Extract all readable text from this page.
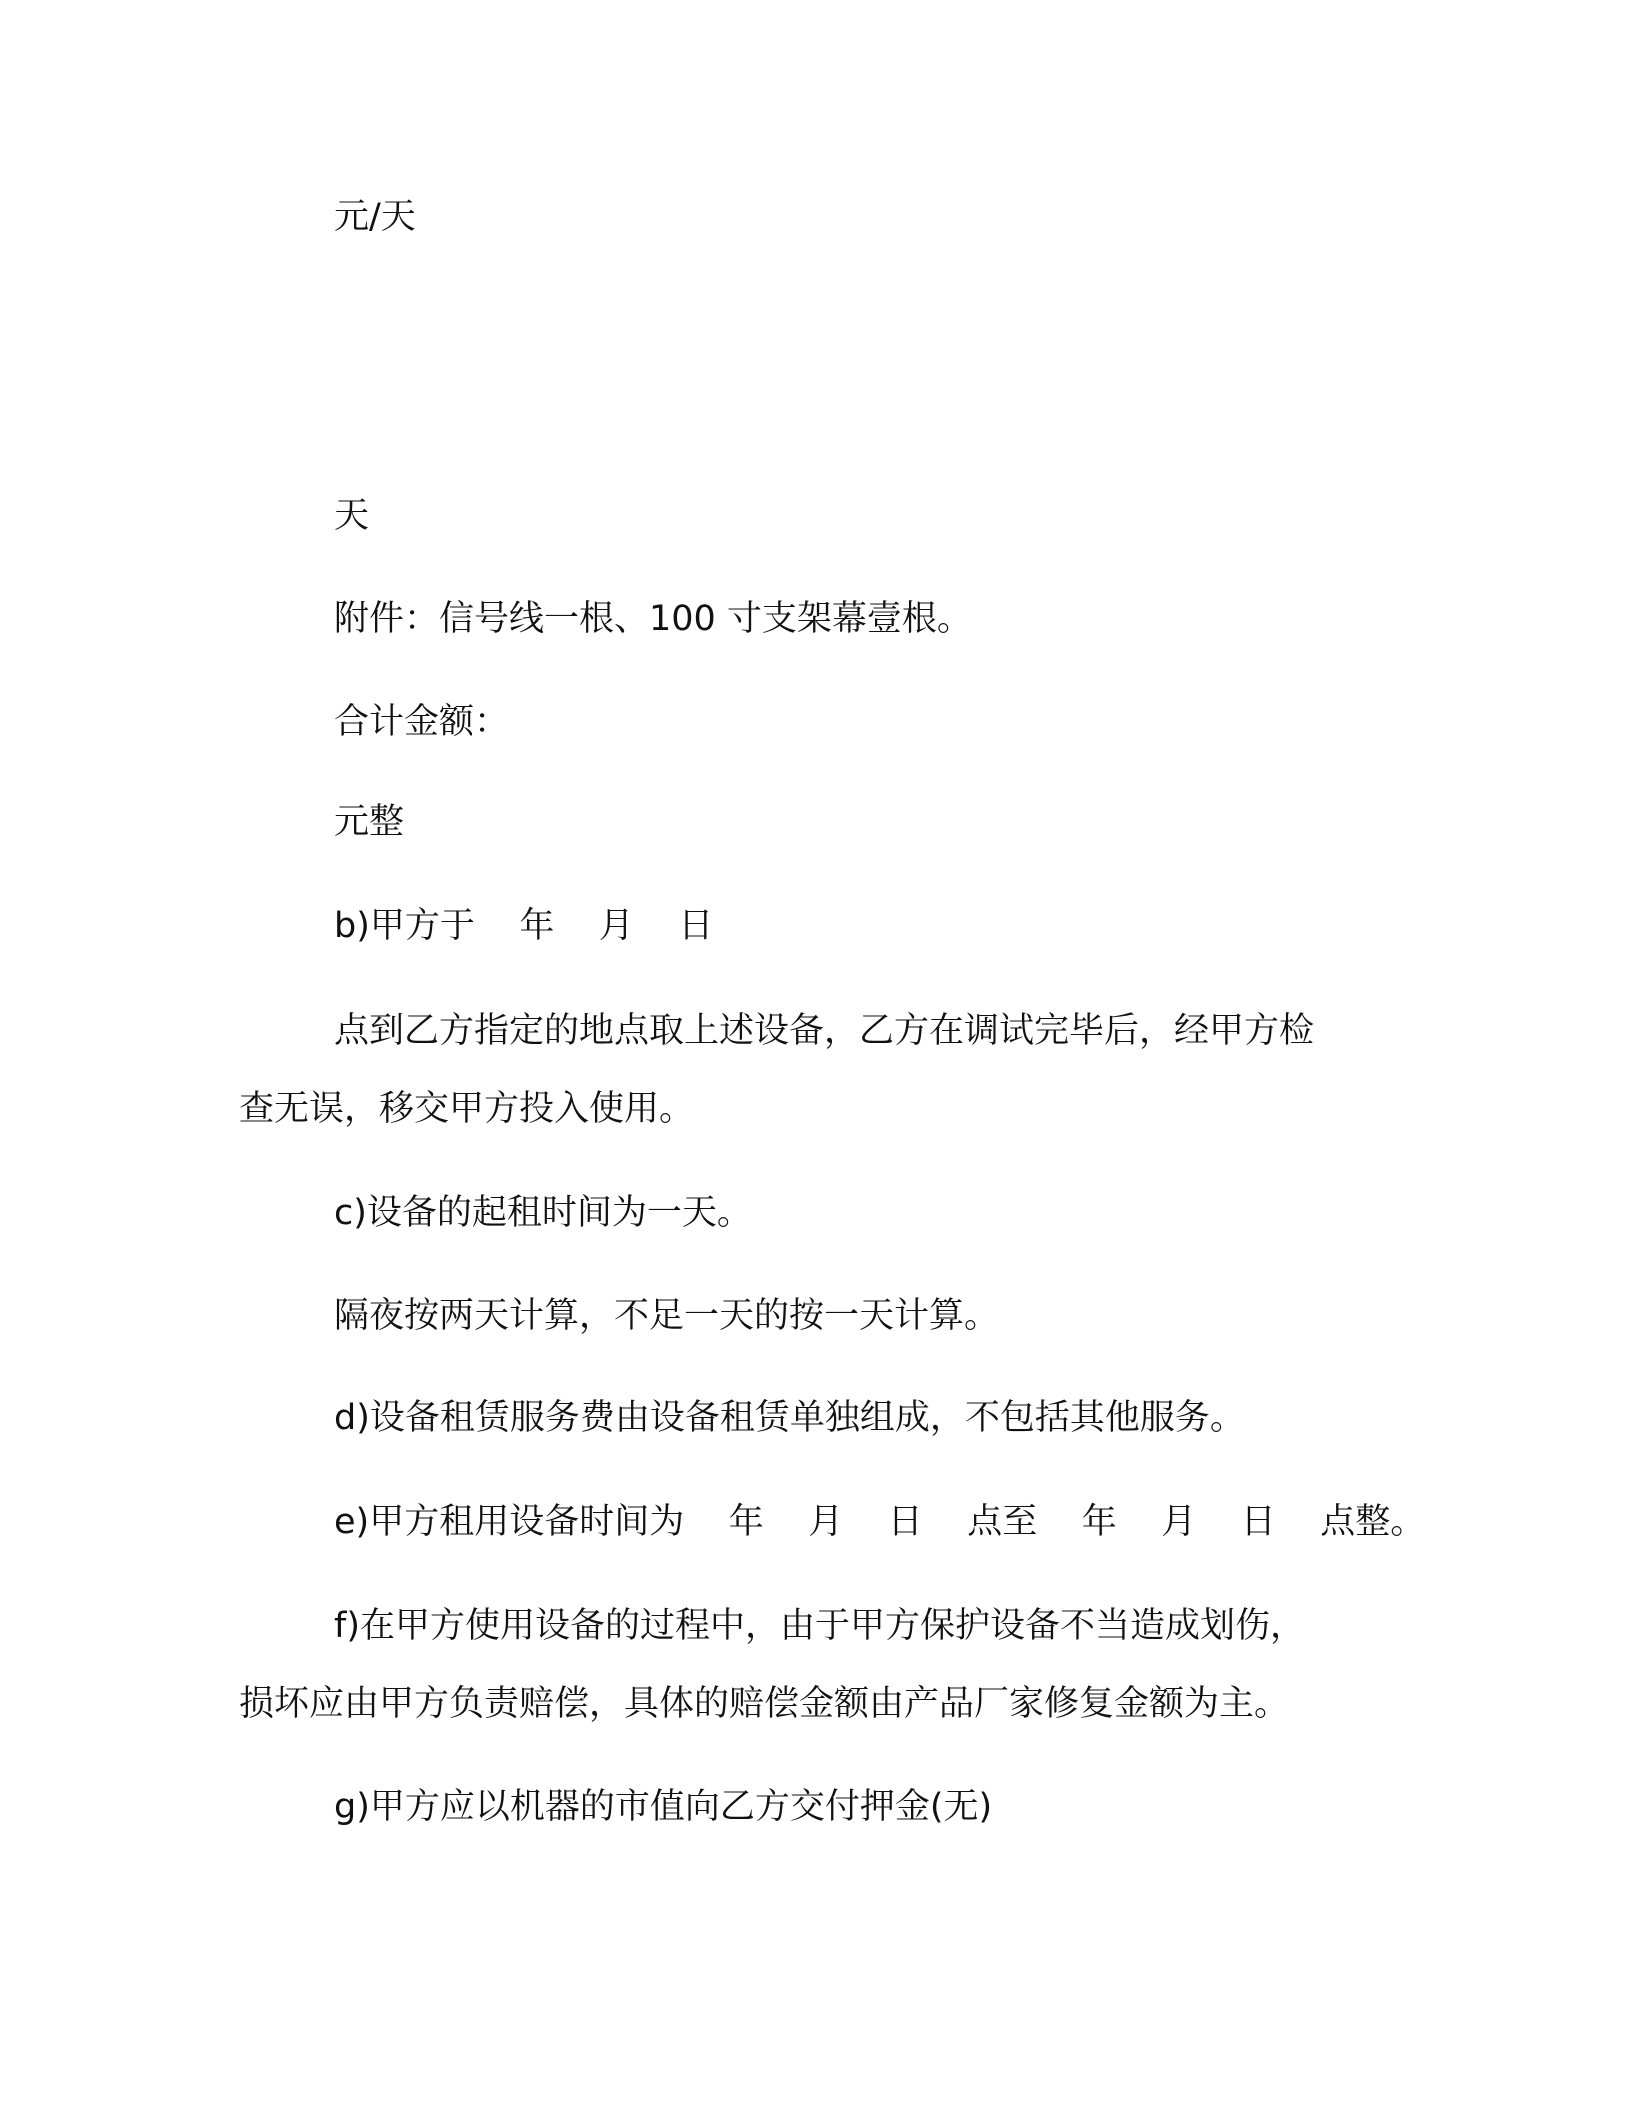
元/天

天

附件：信号线一根、100 寸支架幕壹根。

合计金额：

元整

b)甲方于    年    月    日

点到乙方指定的地点取上述设备，乙方在调试完毕后，经甲方检

查无误，移交甲方投入使用。

c)设备的起租时间为一天。

隔夜按两天计算，不足一天的按一天计算。

d)设备租赁服务费由设备租赁单独组成，不包括其他服务。

e)甲方租用设备时间为    年    月    日    点至    年    月    日    点整。

f)在甲方使用设备的过程中，由于甲方保护设备不当造成划伤，

损坏应由甲方负责赔偿，具体的赔偿金额由产品厂家修复金额为主。

g)甲方应以机器的市值向乙方交付押金(无)
